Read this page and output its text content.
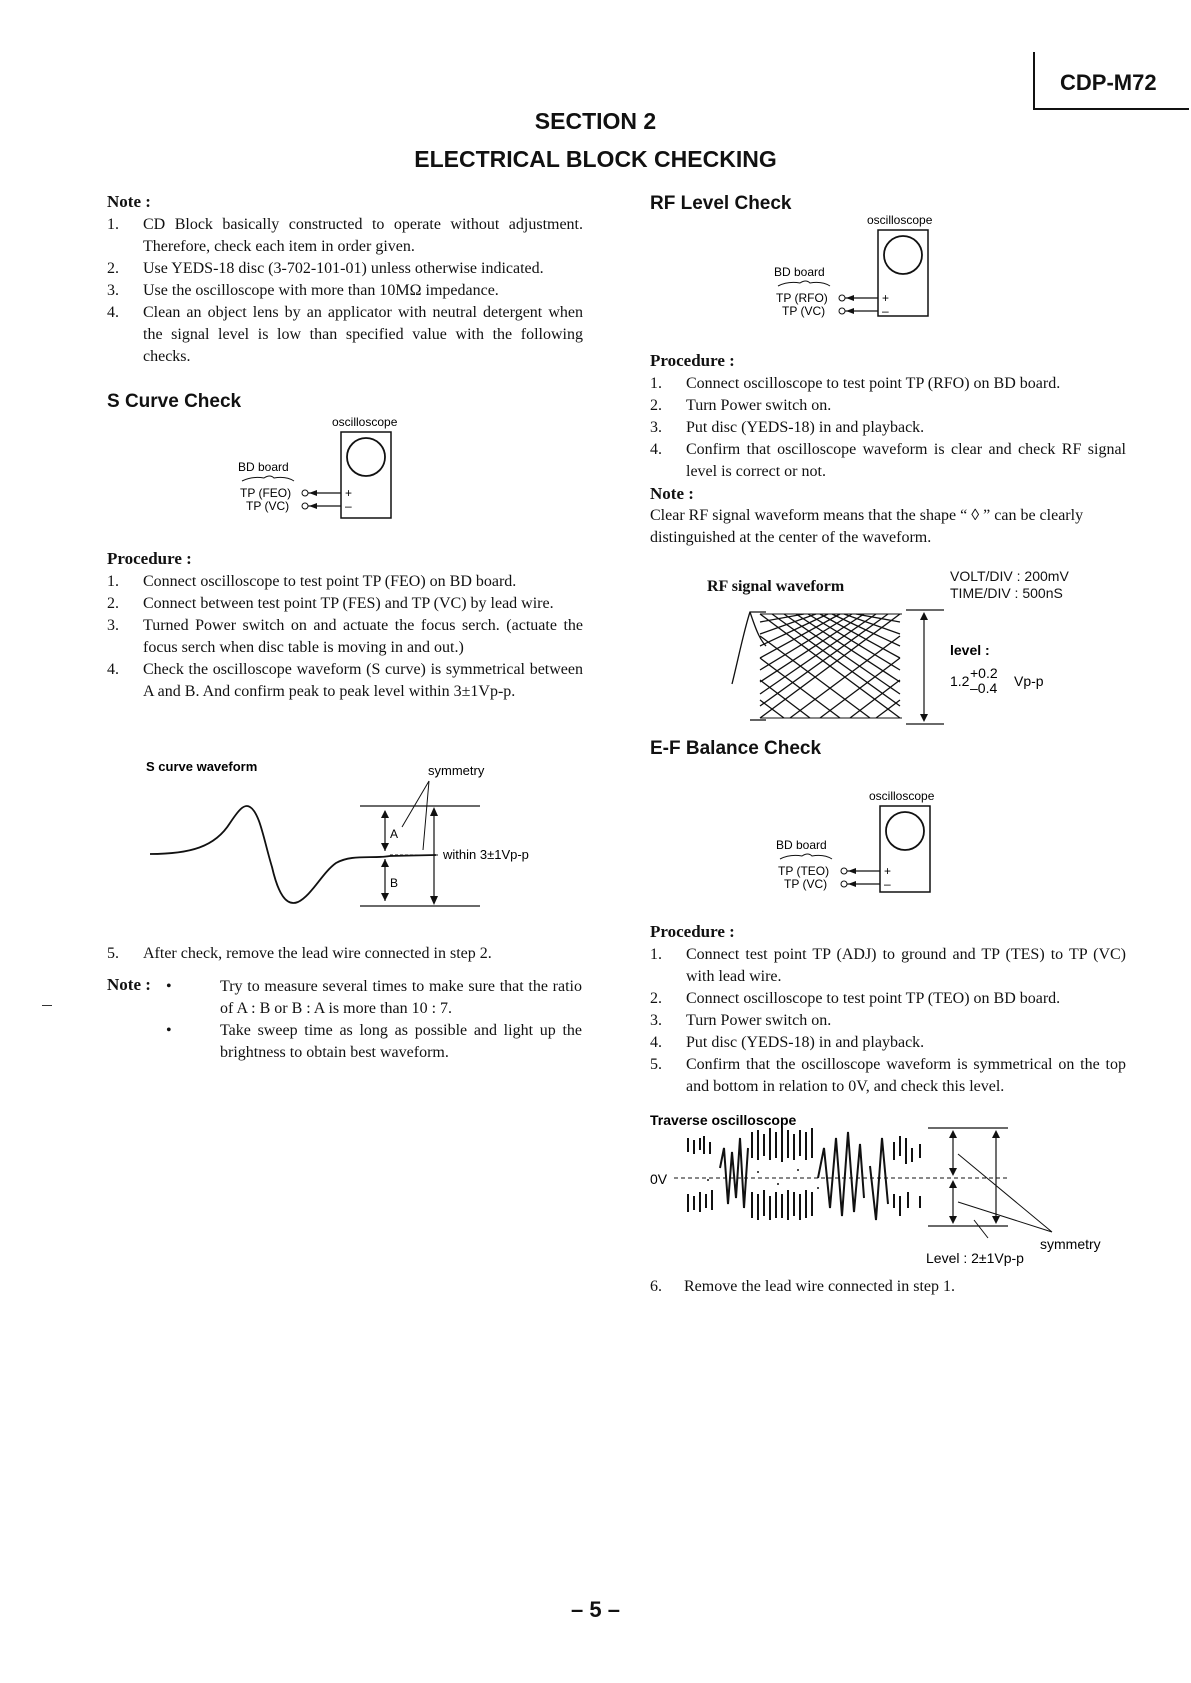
CDP-M72
SECTION 2
ELECTRICAL BLOCK CHECKING
Note :
1. CD Block basically constructed to operate without adjustment. Therefore, check each item in order given.
2. Use YEDS-18 disc (3-702-101-01) unless otherwise indicated.
3. Use the oscilloscope with more than 10MΩ impedance.
4. Clean an object lens by an applicator with neutral detergent when the signal level is low than specified value with the following checks.
S Curve Check
oscilloscope
BD board
TP (FEO)
TP (VC)
+
–
Procedure :
1. Connect oscilloscope to test point TP (FEO) on BD board.
2. Connect between test point TP (FES) and TP (VC) by lead wire.
3. Turned Power switch on and actuate the focus serch. (actuate the focus serch when disc table is moving in and out.)
4. Check the oscilloscope waveform (S curve) is symmetrical between A and B. And confirm peak to peak level within 3±1Vp-p.
S curve waveform	symmetry
A
B
within 3±1Vp-p
5. After check, remove the lead wire connected in step 2.
Note : •	Try to measure several times to make sure that the ratio of A : B or B : A is more than 10 : 7.
•	Take sweep time as long as possible and light up the brightness to obtain best waveform.
RF Level Check
oscilloscope
BD board
TP (RFO)
TP (VC)
+
–
Procedure :
1. Connect oscilloscope to test point TP (RFO) on BD board.
2. Turn Power switch on.
3. Put disc (YEDS-18) in and playback.
4. Confirm that oscilloscope waveform is clear and check RF signal level is correct or not.
Note :
Clear RF signal waveform means that the shape “ ◊ ” can be clearly distinguished at the center of the waveform.
RF signal waveform
VOLT/DIV : 200mV
TIME/DIV : 500nS
level :
1.2 +0.2
–0.4 Vp-p
E-F Balance Check
oscilloscope
BD board
TP (TEO)
TP (VC)
+
–
Procedure :
1. Connect test point TP (ADJ) to ground and TP (TES) to TP (VC) with lead wire.
2. Connect oscilloscope to test point TP (TEO) on BD board.
3. Turn Power switch on.
4. Put disc (YEDS-18) in and playback.
5. Confirm that the oscilloscope waveform is symmetrical on the top and bottom in relation to 0V, and check this level.
Traverse oscilloscope
0V
symmetry
Level : 2±1Vp-p
6. Remove the lead wire connected in step 1.
– 5 –
